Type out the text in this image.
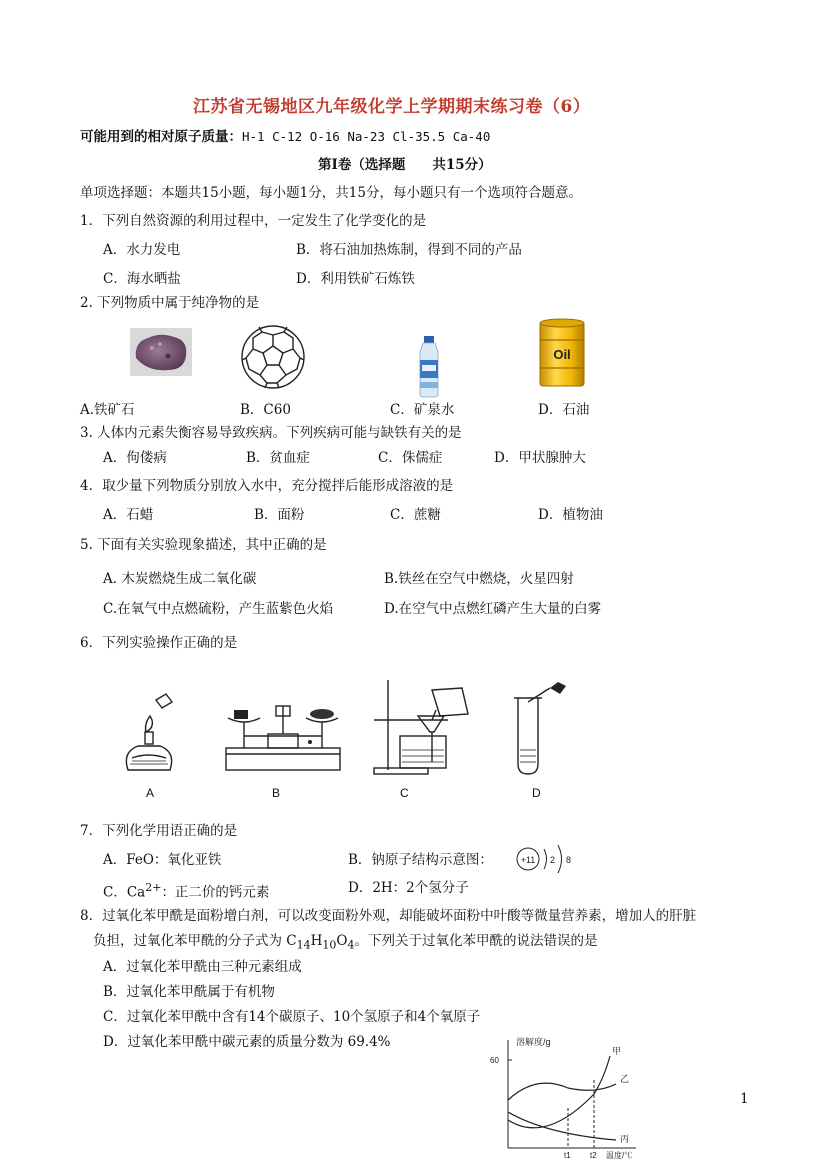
江苏省无锡地区九年级化学上学期期末练习卷（6）
可能用到的相对原子质量：H-1 C-12 O-16 Na-23 Cl-35.5 Ca-40
第Ⅰ卷（选择题　　共15分）
单项选择题：本题共15小题，每小题1分，共15分，每小题只有一个选项符合题意。
1．下列自然资源的利用过程中，一定发生了化学变化的是
A．水力发电	B．将石油加热炼制，得到不同的产品
C．海水晒盐	D．利用铁矿石炼铁
2. 下列物质中属于纯净物的是
Oil
A.铁矿石	B．C60	C．矿泉水	D．石油
3. 人体内元素失衡容易导致疾病。下列疾病可能与缺铁有关的是
A．佝偻病	B．贫血症	C．侏儒症	D．甲状腺肿大
4．取少量下列物质分别放入水中，充分搅拌后能形成溶液的是
A．石蜡	B．面粉	C．蔗糖	D．植物油
5. 下面有关实验现象描述，其中正确的是
A. 木炭燃烧生成二氧化碳	B.铁丝在空气中燃烧，火星四射
C.在氧气中点燃硫粉，产生蓝紫色火焰	D.在空气中点燃红磷产生大量的白雾
6．下列实验操作正确的是
A	B	C	D
7．下列化学用语正确的是
A．FeO：氧化亚铁	B．钠原子结构示意图：	+11 2 8
C．$Ca^{2+}$：正二价的钙元素	D．2H：2个氢分子
8．过氧化苯甲酰是面粉增白剂，可以改变面粉外观，却能破坏面粉中叶酸等微量营养素，增加人的肝脏
负担，过氧化苯甲酰的分子式为 $C_{14}H_{10}O_4$。下列关于过氧化苯甲酰的说法错误的是
A．过氧化苯甲酰由三种元素组成
B．过氧化苯甲酰属于有机物
C．过氧化苯甲酰中含有14个碳原子、10个氢原子和4个氧原子
D．过氧化苯甲酰中碳元素的质量分数为 69.4%	溶解度/g
60
甲
乙
丙
t1 t2 温度/℃
1
